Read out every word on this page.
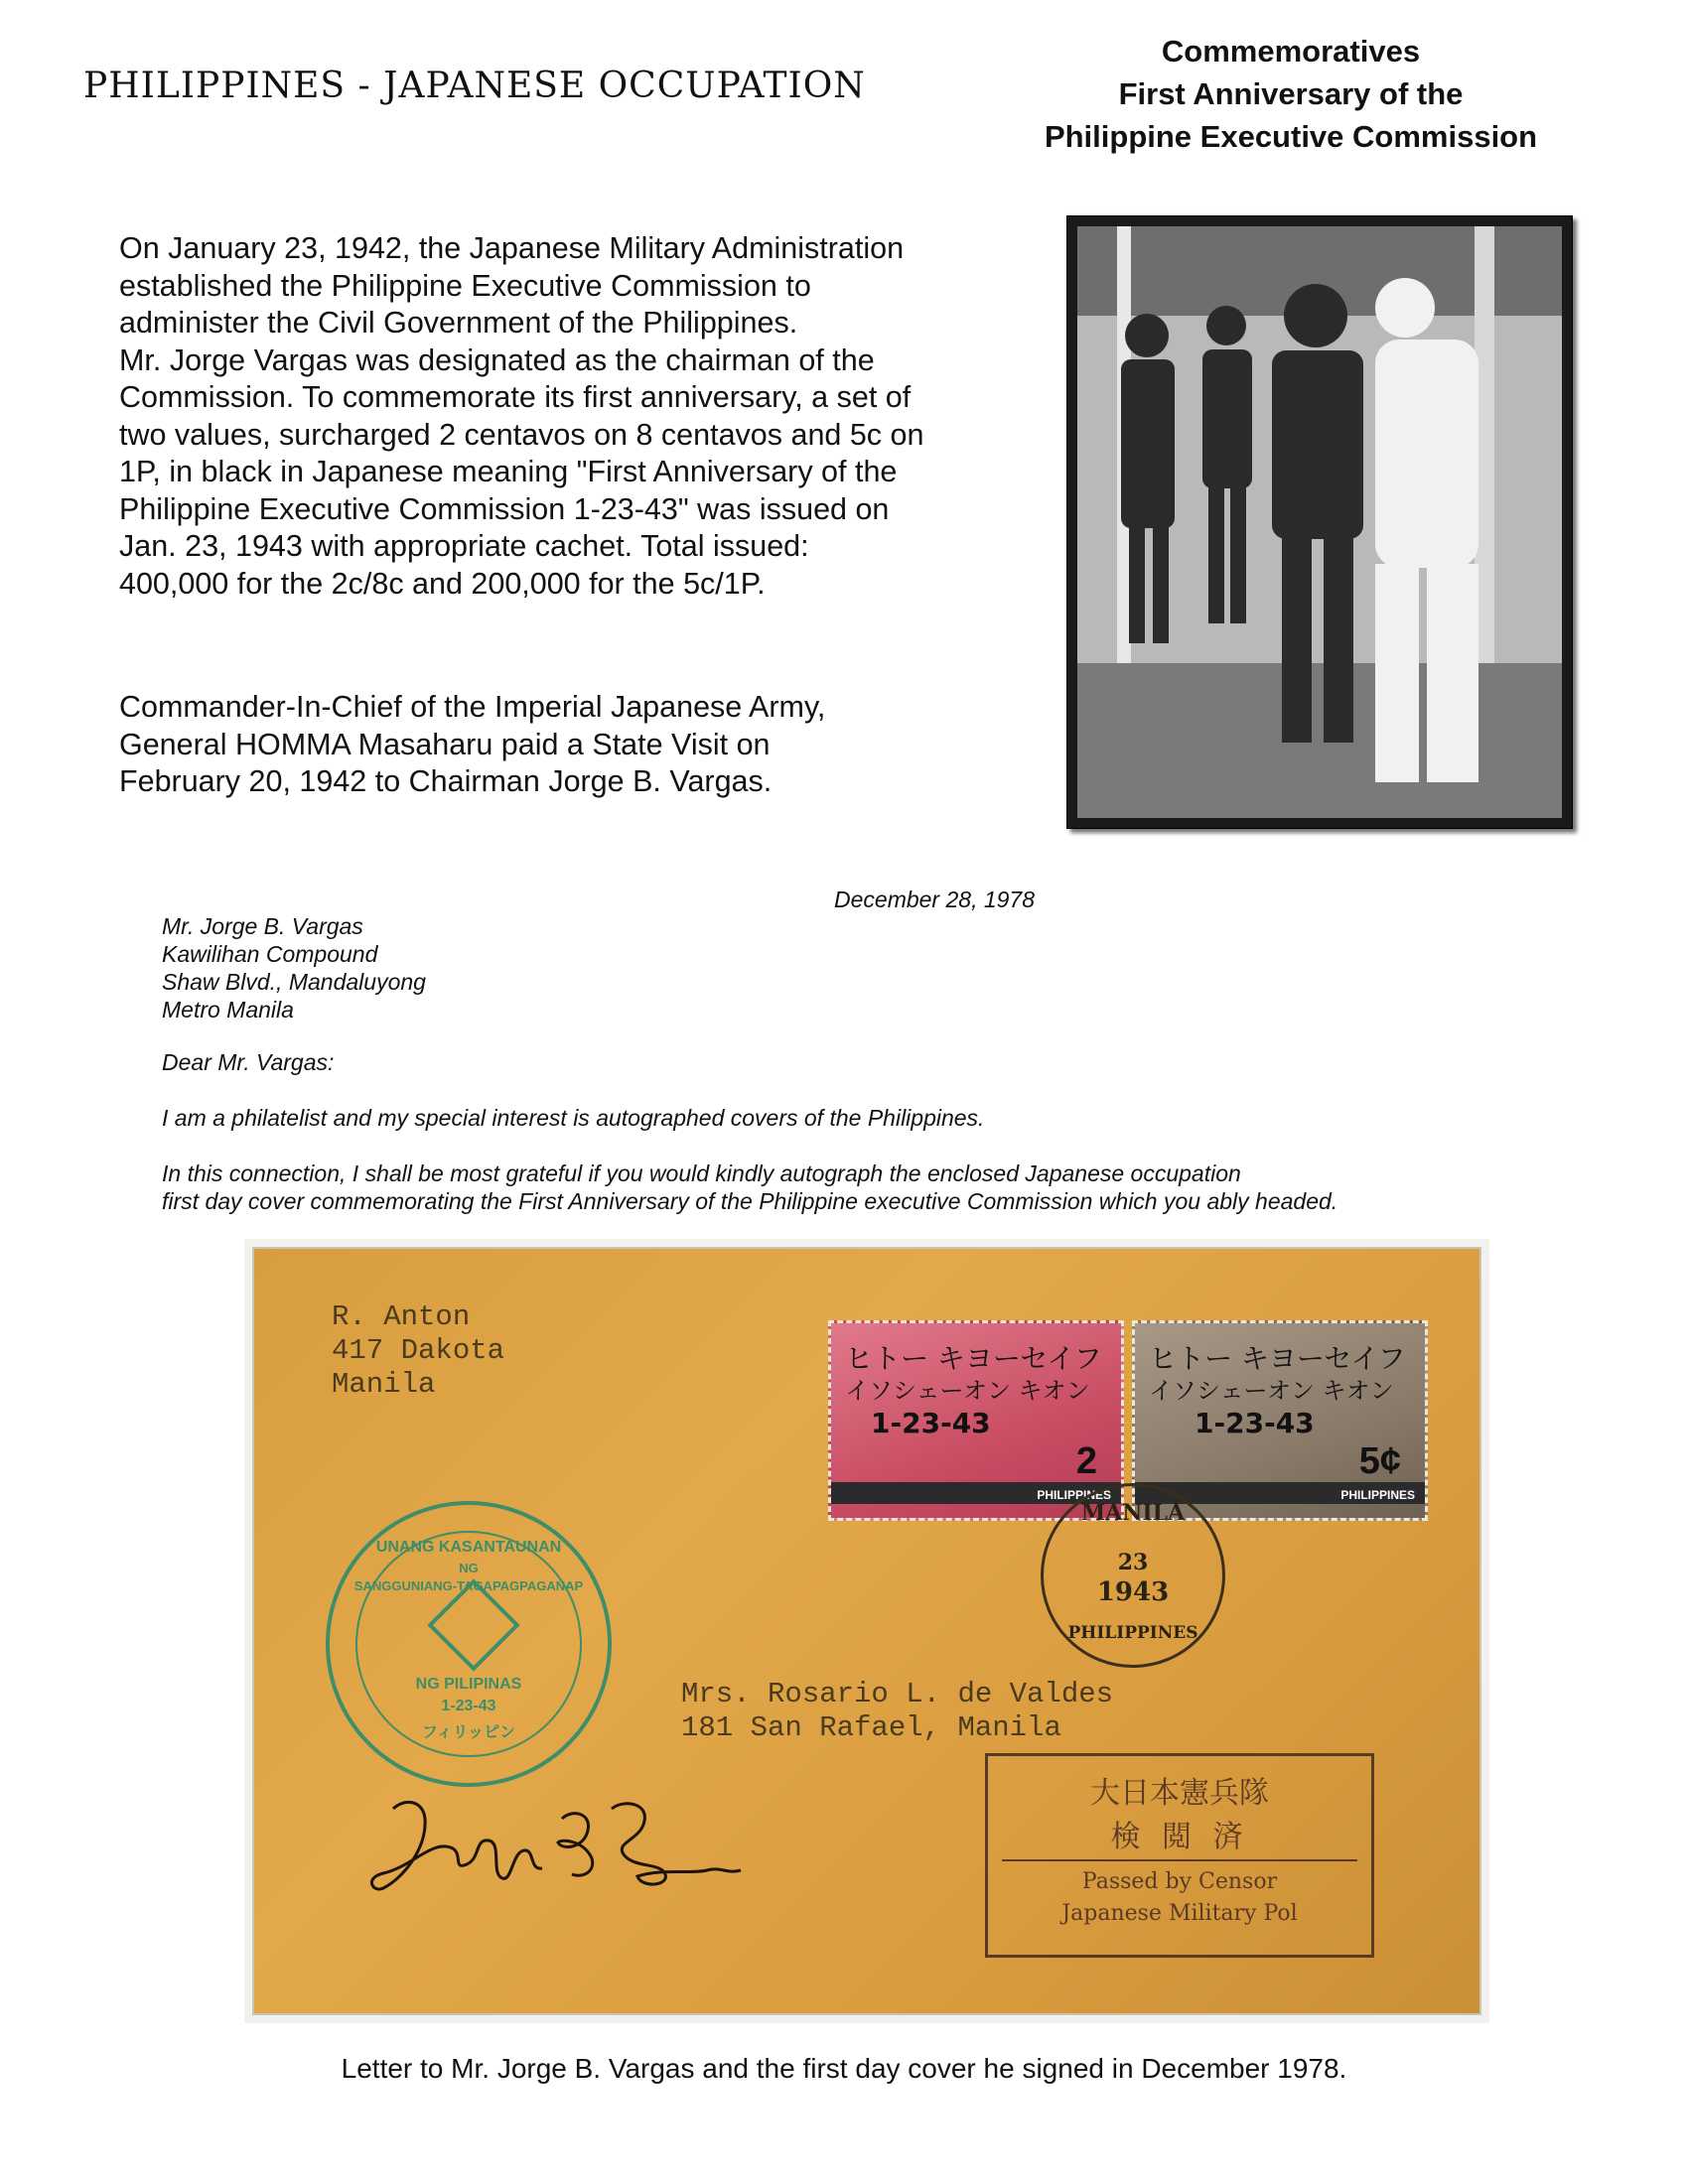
PHILIPPINES - JAPANESE OCCUPATION
Commemoratives
First Anniversary of the
Philippine Executive Commission
On January 23, 1942, the Japanese Military Administration
established the Philippine Executive Commission to
administer the Civil Government of the Philippines.
Mr. Jorge Vargas was designated as the chairman of the
Commission. To commemorate its first anniversary, a set of
two values, surcharged 2 centavos on 8 centavos and 5c on
1P, in black in Japanese meaning "First Anniversary of the
Philippine Executive Commission 1-23-43" was issued on
Jan. 23, 1943 with appropriate cachet. Total issued:
400,000 for the 2c/8c and 200,000 for the 5c/1P.
Commander-In-Chief of the Imperial Japanese Army,
General HOMMA Masaharu paid a State Visit on
February 20, 1942 to Chairman Jorge B. Vargas.
December 28, 1978
Mr. Jorge B. Vargas
Kawilihan Compound
Shaw Blvd., Mandaluyong
Metro Manila
Dear Mr. Vargas:
I am a philatelist and my special interest is autographed covers of the Philippines.
In this connection, I shall be most grateful if you would kindly autograph the enclosed Japanese occupation
first day cover commemorating the First Anniversary of the Philippine executive Commission which you ably headed.
R. Anton
417 Dakota
Manila
ヒトー キヨーセイフ
イソシェーオン キオン
1-23-43
2
PHILIPPINES
ヒトー キヨーセイフ
イソシェーオン キオン
1-23-43
5¢
PHILIPPINES
MANILA
23
1943
PHILIPPINES
UNANG KASANTAUNAN
NG
SANGGUNIANG-TAGAPAGPAGANAP
NG PILIPINAS
1-23-43
フィリッピン
Mrs. Rosario L. de Valdes
181 San Rafael, Manila
大日本憲兵隊
検 閲 済
Passed by Censor
Japanese Military Pol
Letter to Mr. Jorge B. Vargas and the first day cover he signed in December 1978.
